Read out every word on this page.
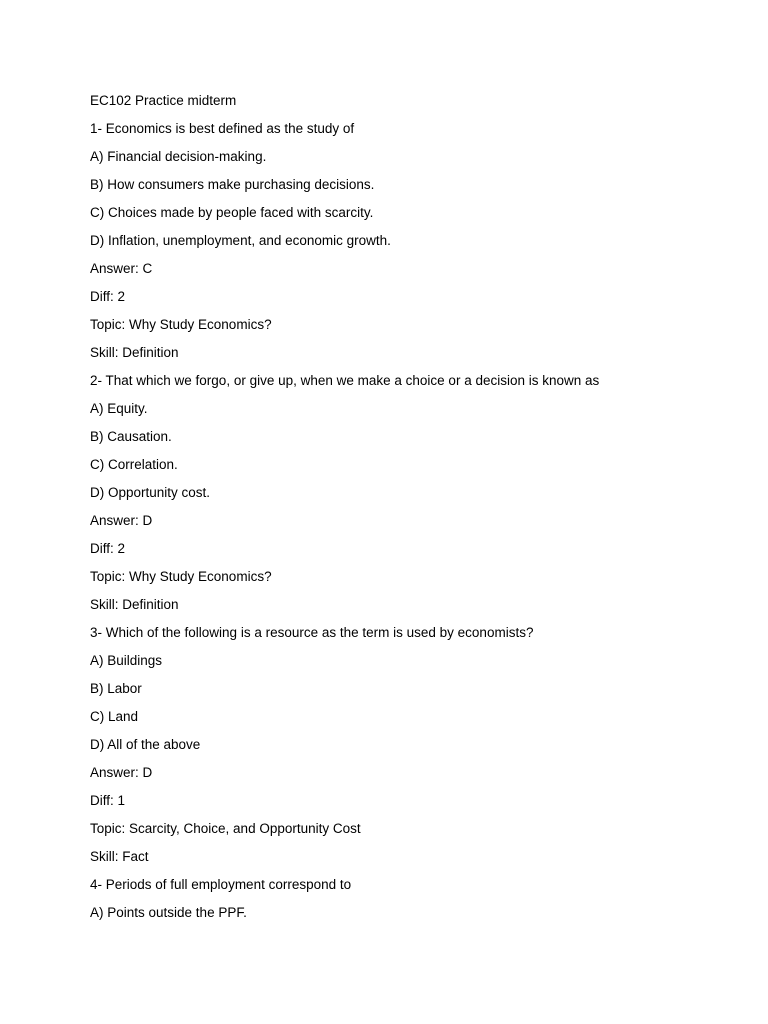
EC102 Practice midterm
1- Economics is best defined as the study of
A) Financial decision-making.
B) How consumers make purchasing decisions.
C) Choices made by people faced with scarcity.
D) Inflation, unemployment, and economic growth.
Answer: C
Diff: 2
Topic: Why Study Economics?
Skill: Definition
2- That which we forgo, or give up, when we make a choice or a decision is known as
A) Equity.
B) Causation.
C) Correlation.
D) Opportunity cost.
Answer: D
Diff: 2
Topic: Why Study Economics?
Skill: Definition
3- Which of the following is a resource as the term is used by economists?
A) Buildings
B) Labor
C) Land
D) All of the above
Answer: D
Diff: 1
Topic: Scarcity, Choice, and Opportunity Cost
Skill: Fact
4- Periods of full employment correspond to
A) Points outside the PPF.
